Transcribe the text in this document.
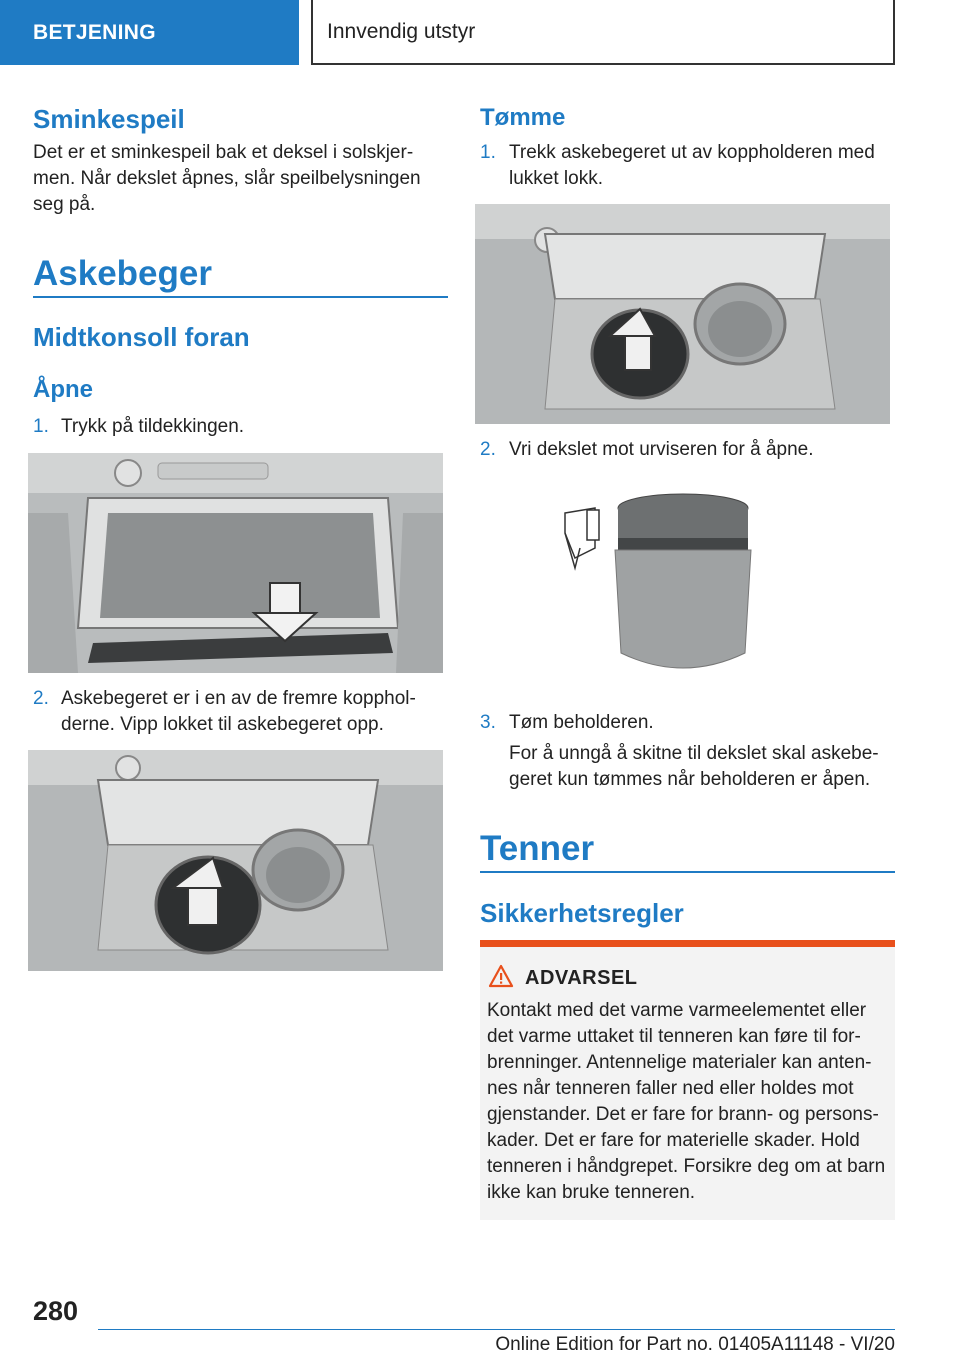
BETJENING	Innvendig utstyr
Sminkespeil
Det er et sminkespeil bak et deksel i solskjer-
men. Når dekslet åpnes, slår speilbelysningen
seg på.
Askebeger
Midtkonsoll foran
Åpne
1. Trykk på tildekkingen.
2. Askebegeret er i en av de fremre kopphol-
derne. Vipp lokket til askebegeret opp.
Tømme
1. Trekk askebegeret ut av koppholderen med
lukket lokk.
2. Vri dekslet mot urviseren for å åpne.
3. Tøm beholderen.
For å unngå å skitne til dekslet skal askebe-
geret kun tømmes når beholderen er åpen.
Tenner
Sikkerhetsregler
ADVARSEL
Kontakt med det varme varmeelementet eller
det varme uttaket til tenneren kan føre til for-
brenninger. Antennelige materialer kan anten-
nes når tenneren faller ned eller holdes mot
gjenstander. Det er fare for brann- og persons-
kader. Det er fare for materielle skader. Hold
tenneren i håndgrepet. Forsikre deg om at barn
ikke kan bruke tenneren.
280
Online Edition for Part no. 01405A11148 - VI/20
